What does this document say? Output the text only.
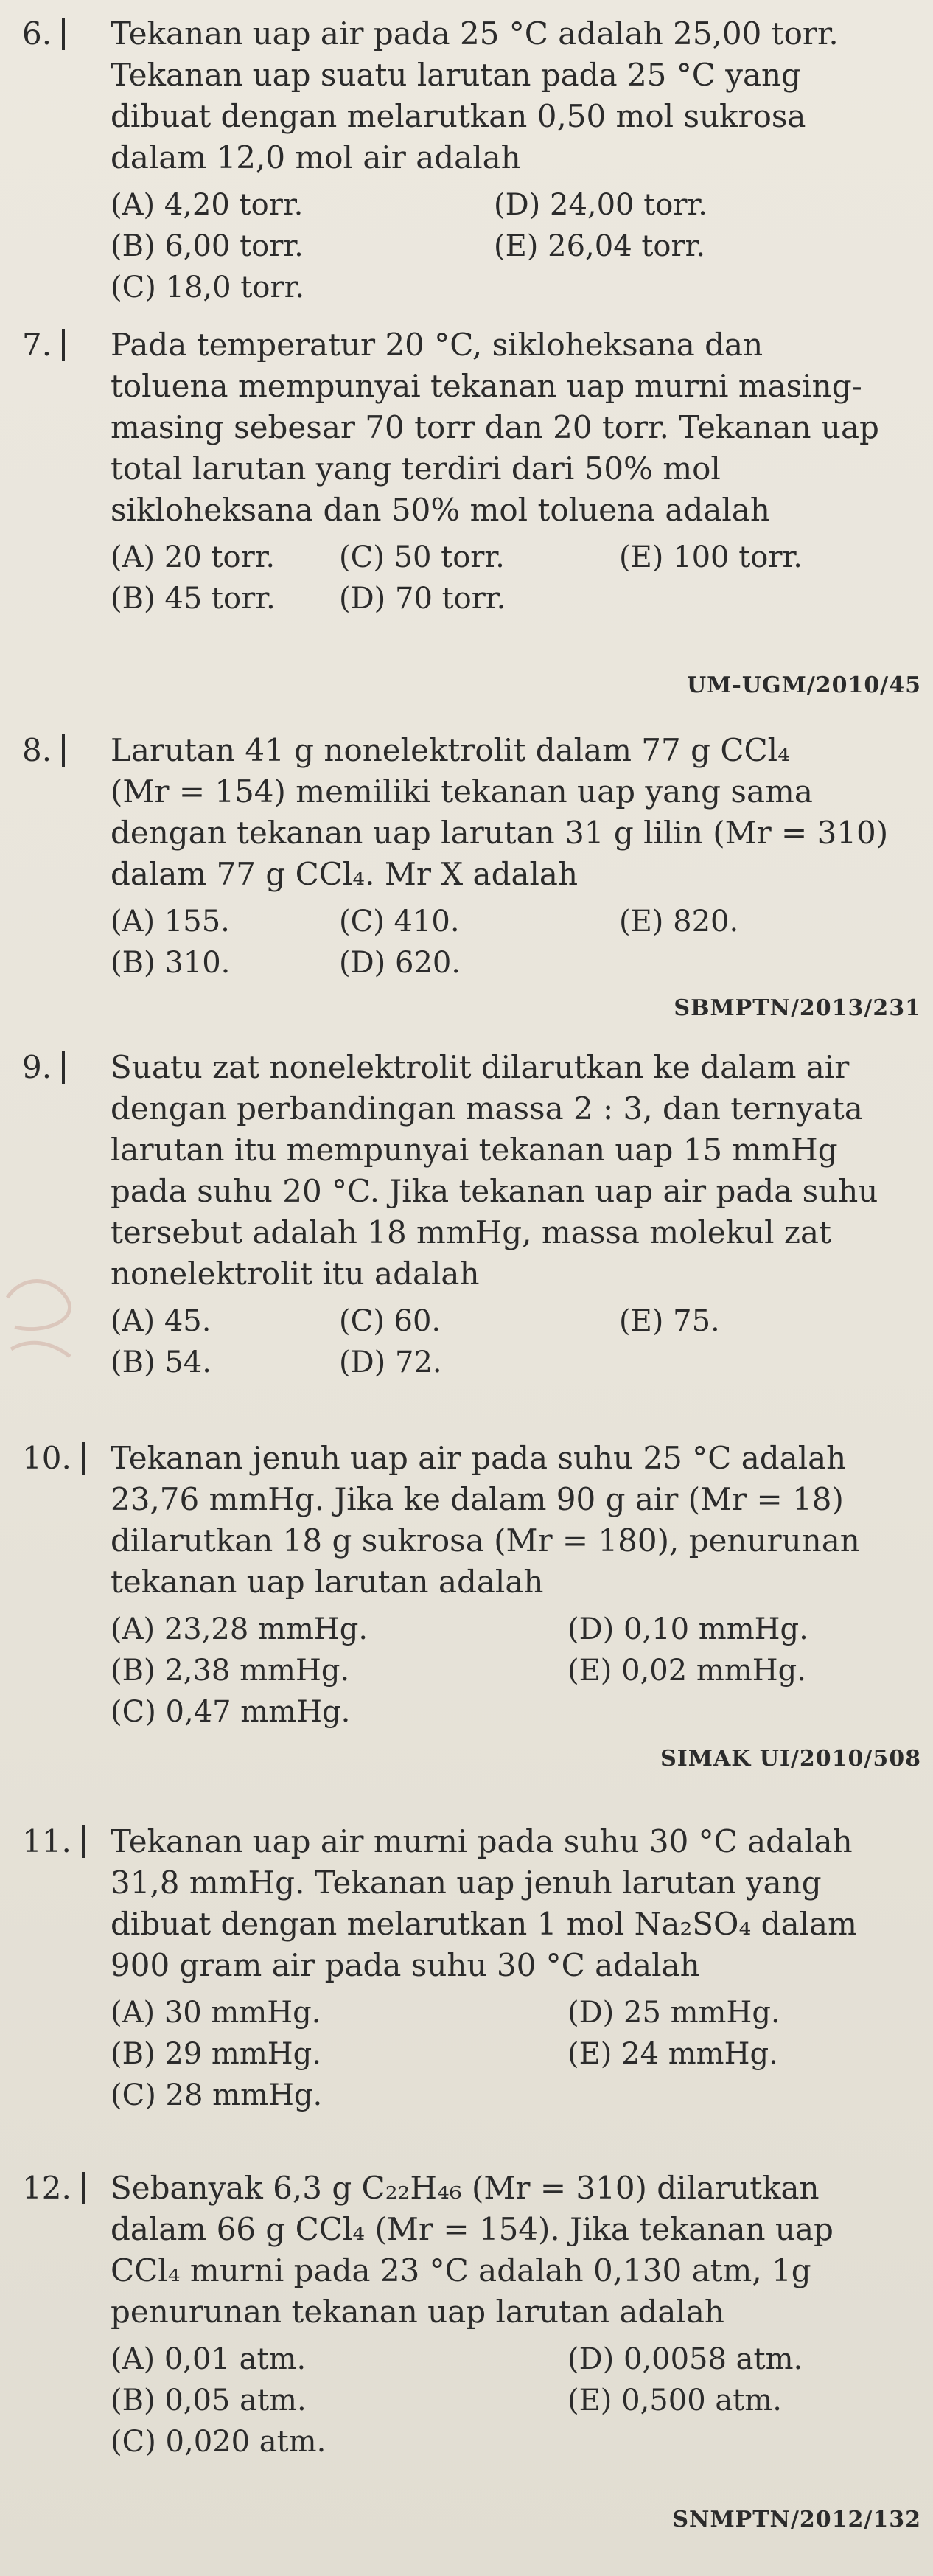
6. Tekanan uap air pada 25 °C adalah 25,00 torr.
Tekanan uap suatu larutan pada 25 °C yang
dibuat dengan melarutkan 0,50 mol sukrosa
dalam 12,0 mol air adalah

(A) 4,20 torr.
(B) 6,00 torr.
(C) 18,0 torr.
(D) 24,00 torr.
(E) 26,04 torr.
7. Pada temperatur 20 °C, sikloheksana dan
toluena mempunyai tekanan uap murni masing-
masing sebesar 70 torr dan 20 torr. Tekanan uap
total larutan yang terdiri dari 50% mol
sikloheksana dan 50% mol toluena adalah

(A) 20 torr.
(B) 45 torr.
(C) 50 torr.
(D) 70 torr.
(E) 100 torr.
UM-UGM/2010/45
8. Larutan 41 g nonelektrolit dalam 77 g CCl₄
(Mr = 154) memiliki tekanan uap yang sama
dengan tekanan uap larutan 31 g lilin (Mr = 310)
dalam 77 g CCl₄. Mr X adalah

(A) 155.
(B) 310.
(C) 410.
(D) 620.
(E) 820.
SBMPTN/2013/231
9. Suatu zat nonelektrolit dilarutkan ke dalam air
dengan perbandingan massa 2 : 3, dan ternyata
larutan itu mempunyai tekanan uap 15 mmHg
pada suhu 20 °C. Jika tekanan uap air pada suhu
tersebut adalah 18 mmHg, massa molekul zat
nonelektrolit itu adalah

(A) 45.
(B) 54.
(C) 60.
(D) 72.
(E) 75.
10. Tekanan jenuh uap air pada suhu 25 °C adalah
23,76 mmHg. Jika ke dalam 90 g air (Mr = 18)
dilarutkan 18 g sukrosa (Mr = 180), penurunan
tekanan uap larutan adalah

(A) 23,28 mmHg.
(B) 2,38 mmHg.
(C) 0,47 mmHg.
(D) 0,10 mmHg.
(E) 0,02 mmHg.
SIMAK UI/2010/508
11. Tekanan uap air murni pada suhu 30 °C adalah
31,8 mmHg. Tekanan uap jenuh larutan yang
dibuat dengan melarutkan 1 mol Na₂SO₄ dalam
900 gram air pada suhu 30 °C adalah

(A) 30 mmHg.
(B) 29 mmHg.
(C) 28 mmHg.
(D) 25 mmHg.
(E) 24 mmHg.
12. Sebanyak 6,3 g C₂₂H₄₆ (Mr = 310) dilarutkan
dalam 66 g CCl₄ (Mr = 154). Jika tekanan uap
CCl₄ murni pada 23 °C adalah 0,130 atm, 1g
penurunan tekanan uap larutan adalah

(A) 0,01 atm.
(B) 0,05 atm.
(C) 0,020 atm.
(D) 0,0058 atm.
(E) 0,500 atm.
SNMPTN/2012/132
